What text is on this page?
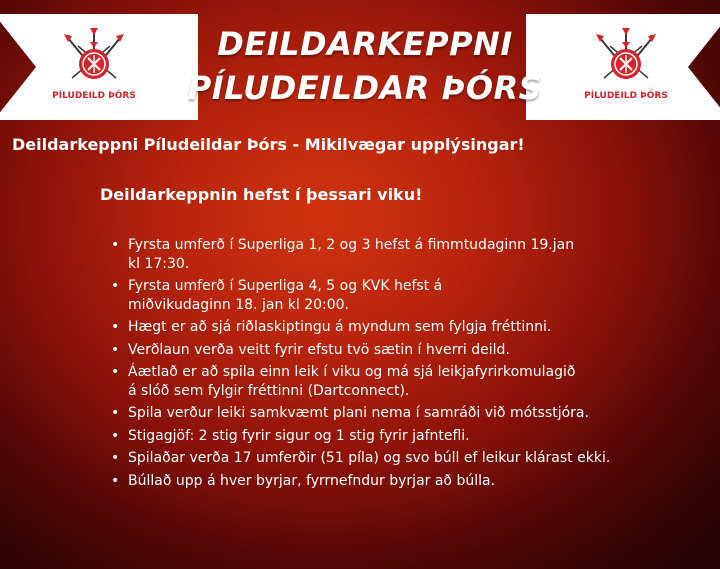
PÍLUDEILD ÞÓRS	PÍLUDEILD ÞÓRS
DEILDARKEPPNI
PÍLUDEILDAR ÞÓRS
Deildarkeppni Píludeildar Þórs - Mikilvægar upplýsingar!
Deildarkeppnin hefst í þessari viku!
• Fyrsta umferð í Superliga 1, 2 og 3 hefst á fimmtudaginn 19.jan
kl 17:30.
• Fyrsta umferð í Superliga 4, 5 og KVK hefst á
miðvikudaginn 18. jan kl 20:00.
• Hægt er að sjá riðlaskiptingu á myndum sem fylgja fréttinni.
• Verðlaun verða veitt fyrir efstu tvö sætin í hverri deild.
• Áætlað er að spila einn leik í viku og má sjá leikjafyrirkomulagið
á slóð sem fylgir fréttinni (Dartconnect).
• Spila verður leiki samkvæmt plani nema í samráði við mótsstjóra.
• Stigagjöf: 2 stig fyrir sigur og 1 stig fyrir jafntefli.
• Spilaðar verða 17 umferðir (51 píla) og svo búll ef leikur klárast ekki.
• Búllað upp á hver byrjar, fyrrnefndur byrjar að búlla.
